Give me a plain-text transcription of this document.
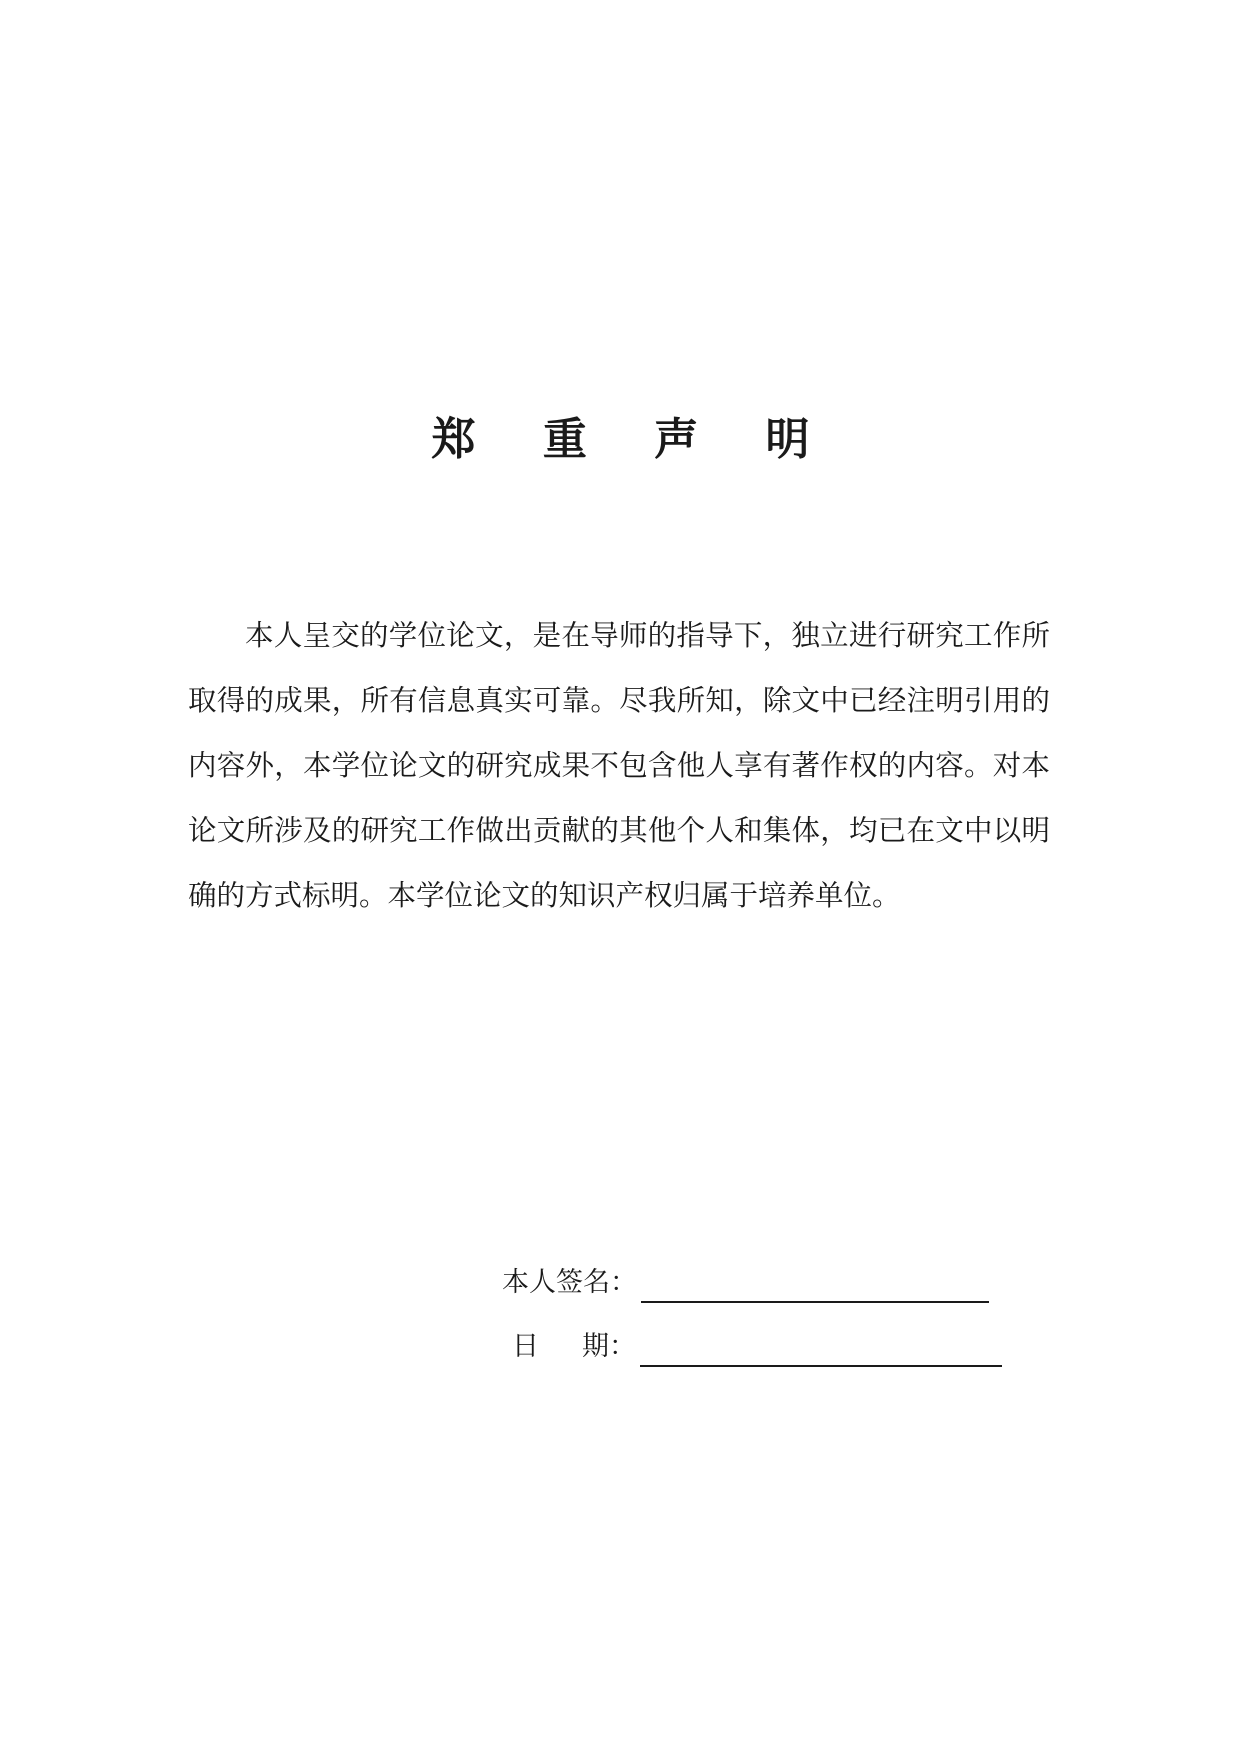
郑 重 声 明
本人呈交的学位论文，是在导师的指导下，独立进行研究工作所
取得的成果，所有信息真实可靠。尽我所知，除文中已经注明引用的
内容外，本学位论文的研究成果不包含他人享有著作权的内容。对本
论文所涉及的研究工作做出贡献的其他个人和集体，均已在文中以明
确的方式标明。本学位论文的知识产权归属于培养单位。
本人签名：
日 期：
